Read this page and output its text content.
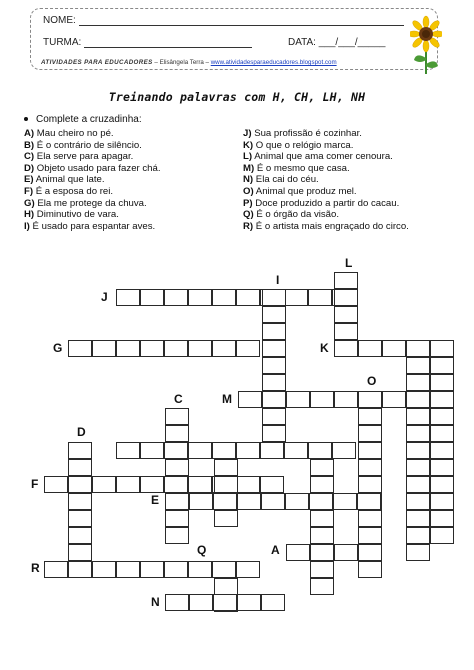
NOME:
TURMA:	DATA: ___/___/_____
ATIVIDADES PARA EDUCADORES – Elisângela Terra – www.atividadesparaeducadores.blogspot.com
Treinando palavras com H, CH, LH, NH
Complete a cruzadinha:
A) Mau cheiro no pé.
B) É o contrário de silêncio.
C) Ela serve para apagar.
D) Objeto usado para fazer chá.
E) Animal que late.
F) É a esposa do rei.
G) Ela me protege da chuva.
H) Diminutivo de vara.
I) É usado para espantar aves.
J) Sua profissão é cozinhar.
K) O que o relógio marca.
L) Animal que ama comer cenoura.
M) É o mesmo que casa.
N) Ela cai do céu.
O) Animal que produz mel.
P) Doce produzido a partir do cacau.
Q) É o órgão da visão.
R) É o artista mais engraçado do circo.
J
I
L
G	K
O
C	M
D
F
E
Q	A
R
N
